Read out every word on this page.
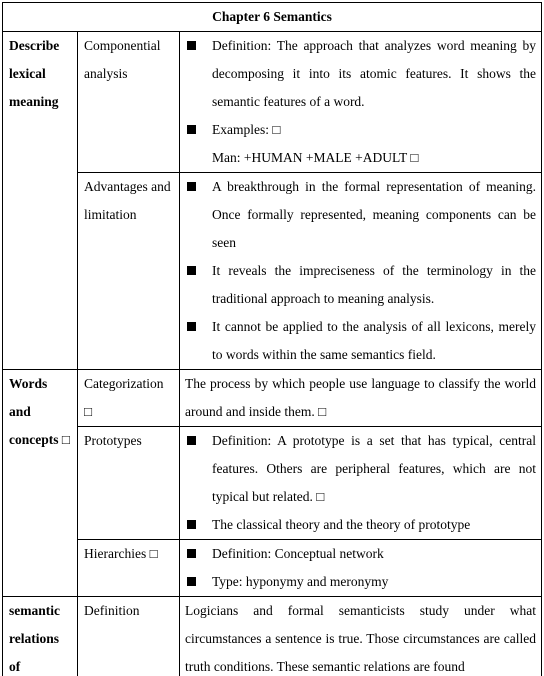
Chapter 6 Semantics		
Describe lexical meaning	Componential analysis	Definition: The approach that analyzes word meaning by decomposing it into its atomic features. It shows the semantic features of a word.
Examples: □
Man: +HUMAN +MALE +ADULT □

	Advantages and limitation	A breakthrough in the formal representation of meaning. Once formally represented, meaning components can be seen
It reveals the impreciseness of the terminology in the traditional approach to meaning analysis.
It cannot be applied to the analysis of all lexicons, merely to words within the same semantics field.

Words and concepts □	Categorization □	The process by which people use language to classify the world around and inside them. □

	Prototypes	Definition: A prototype is a set that has typical, central features. Others are peripheral features, which are not typical but related. □
The classical theory and the theory of prototype

	Hierarchies □	Definition: Conceptual network
Type: hyponymy and meronymy

semantic relations of	Definition	Logicians and formal semanticists study under what circumstances a sentence is true. Those circumstances are called truth conditions. These semantic relations are found
